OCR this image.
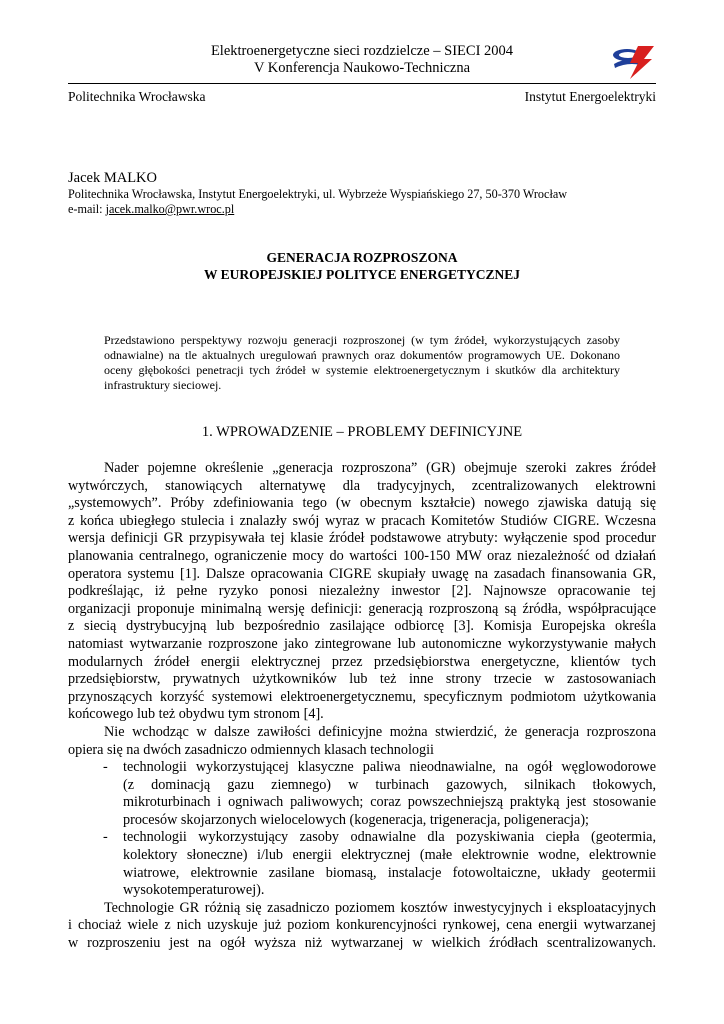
Elektroenergetyczne sieci rozdzielcze – SIECI 2004
V Konferencja Naukowo-Techniczna
Politechnika Wrocławska	Instytut Energoelektryki
Jacek MALKO
Politechnika Wrocławska, Instytut Energoelektryki, ul. Wybrzeże Wyspiańskiego 27, 50-370 Wrocław
e-mail: jacek.malko@pwr.wroc.pl
GENERACJA ROZPROSZONA
W EUROPEJSKIEJ POLITYCE ENERGETYCZNEJ
Przedstawiono perspektywy rozwoju generacji rozproszonej (w tym źródeł, wykorzystujących zasoby
odnawialne) na tle aktualnych uregulowań prawnych oraz dokumentów programowych UE. Dokonano
oceny głębokości penetracji tych źródeł w systemie elektroenergetycznym i skutków dla architektury
infrastruktury sieciowej.
1. WPROWADZENIE – PROBLEMY DEFINICYJNE
Nader pojemne określenie „generacja rozproszona” (GR) obejmuje szeroki zakres źródeł
wytwórczych, stanowiących alternatywę dla tradycyjnych, zcentralizowanych elektrowni
„systemowych”. Próby zdefiniowania tego (w obecnym kształcie) nowego zjawiska datują się
z końca ubiegłego stulecia i znalazły swój wyraz w pracach Komitetów Studiów CIGRE. Wczesna
wersja definicji GR przypisywała tej klasie źródeł podstawowe atrybuty: wyłączenie spod procedur
planowania centralnego, ograniczenie mocy do wartości 100-150 MW oraz niezależność od działań
operatora systemu [1]. Dalsze opracowania CIGRE skupiały uwagę na zasadach finansowania GR,
podkreślając, iż pełne ryzyko ponosi niezależny inwestor [2]. Najnowsze opracowanie tej
organizacji proponuje minimalną wersję definicji: generacją rozproszoną są źródła, współpracujące
z siecią dystrybucyjną lub bezpośrednio zasilające odbiorcę [3]. Komisja Europejska określa
natomiast wytwarzanie rozproszone jako zintegrowane lub autonomiczne wykorzystywanie małych
modularnych źródeł energii elektrycznej przez przedsiębiorstwa energetyczne, klientów tych
przedsiębiorstw, prywatnych użytkowników lub też inne strony trzecie w zastosowaniach
przynoszących korzyść systemowi elektroenergetycznemu, specyficznym podmiotom użytkowania
końcowego lub też obydwu tym stronom [4].
Nie wchodząc w dalsze zawiłości definicyjne można stwierdzić, że generacja rozproszona
opiera się na dwóch zasadniczo odmiennych klasach technologii
- technologii wykorzystującej klasyczne paliwa nieodnawialne, na ogół węglowodorowe
(z dominacją gazu ziemnego) w turbinach gazowych, silnikach tłokowych,
mikroturbinach i ogniwach paliwowych; coraz powszechniejszą praktyką jest stosowanie
procesów skojarzonych wielocelowych (kogeneracja, trigeneracja, poligeneracja);
- technologii wykorzystujący zasoby odnawialne dla pozyskiwania ciepła (geotermia,
kolektory słoneczne) i/lub energii elektrycznej (małe elektrownie wodne, elektrownie
wiatrowe, elektrownie zasilane biomasą, instalacje fotowoltaiczne, układy geotermii
wysokotemperaturowej).
Technologie GR różnią się zasadniczo poziomem kosztów inwestycyjnych i eksploatacyjnych
i chociaż wiele z nich uzyskuje już poziom konkurencyjności rynkowej, cena energii wytwarzanej
w rozproszeniu jest na ogół wyższa niż wytwarzanej w wielkich źródłach scentralizowanych.
